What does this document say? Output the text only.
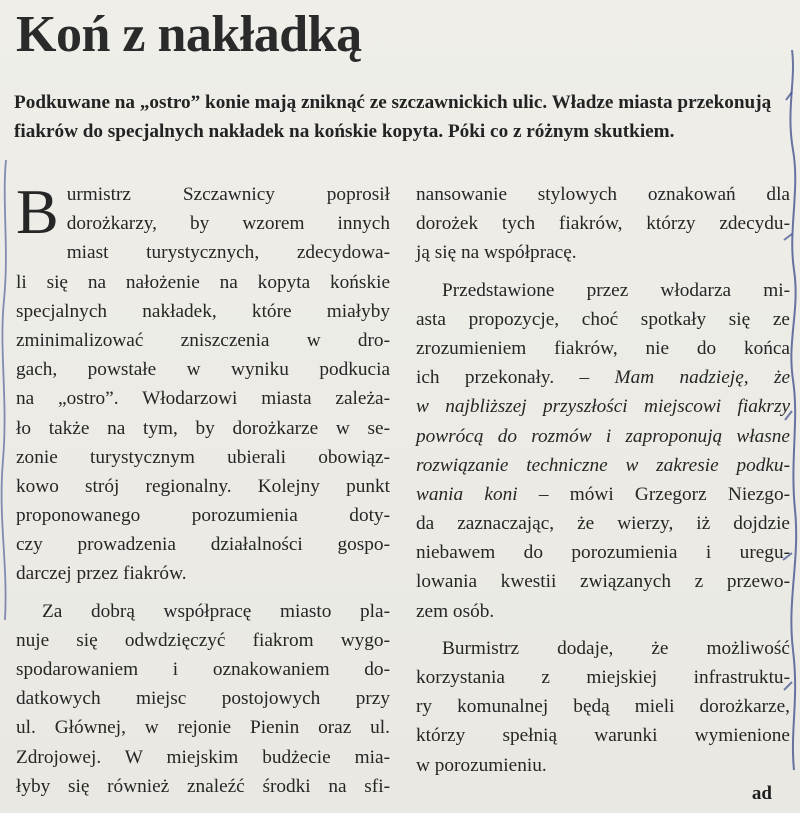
Koń z nakładką
Podkuwane na „ostro” konie mają zniknąć ze szczawnickich ulic. Władze miasta przekonują fiakrów do specjalnych nakładek na końskie kopyta. Póki co z różnym skutkiem.
B urmistrz Szczawnicy poprosił
dorożkarzy, by wzorem innych
miast turystycznych, zdecydowa-
li się na nałożenie na kopyta końskie
specjalnych nakładek, które miałyby
zminimalizować zniszczenia w dro-
gach, powstałe w wyniku podkucia
na „ostro”. Włodarzowi miasta zależa-
ło także na tym, by dorożkarze w se-
zonie turystycznym ubierali obowiąz-
kowo strój regionalny. Kolejny punkt
proponowanego porozumienia doty-
czy prowadzenia działalności gospo-
darczej przez fiakrów.
Za dobrą współpracę miasto pla-
nuje się odwdzięczyć fiakrom wygo-
spodarowaniem i oznakowaniem do-
datkowych miejsc postojowych przy
ul. Głównej, w rejonie Pienin oraz ul.
Zdrojowej. W miejskim budżecie mia-
łyby się również znaleźć środki na sfi-
nansowanie stylowych oznakowań dla
dorożek tych fiakrów, którzy zdecydu-
ją się na współpracę.
Przedstawione przez włodarza mi-
asta propozycje, choć spotkały się ze
zrozumieniem fiakrów, nie do końca
ich przekonały. – Mam nadzieję, że
w najbliższej przyszłości miejscowi fiakrzy
powrócą do rozmów i zaproponują własne
rozwiązanie techniczne w zakresie podku-
wania koni – mówi Grzegorz Niezgo-
da zaznaczając, że wierzy, iż dojdzie
niebawem do porozumienia i uregu-
lowania kwestii związanych z przewo-
zem osób.
Burmistrz dodaje, że możliwość
korzystania z miejskiej infrastruktu-
ry komunalnej będą mieli dorożkarze,
którzy spełnią warunki wymienione
w porozumieniu.
ad
